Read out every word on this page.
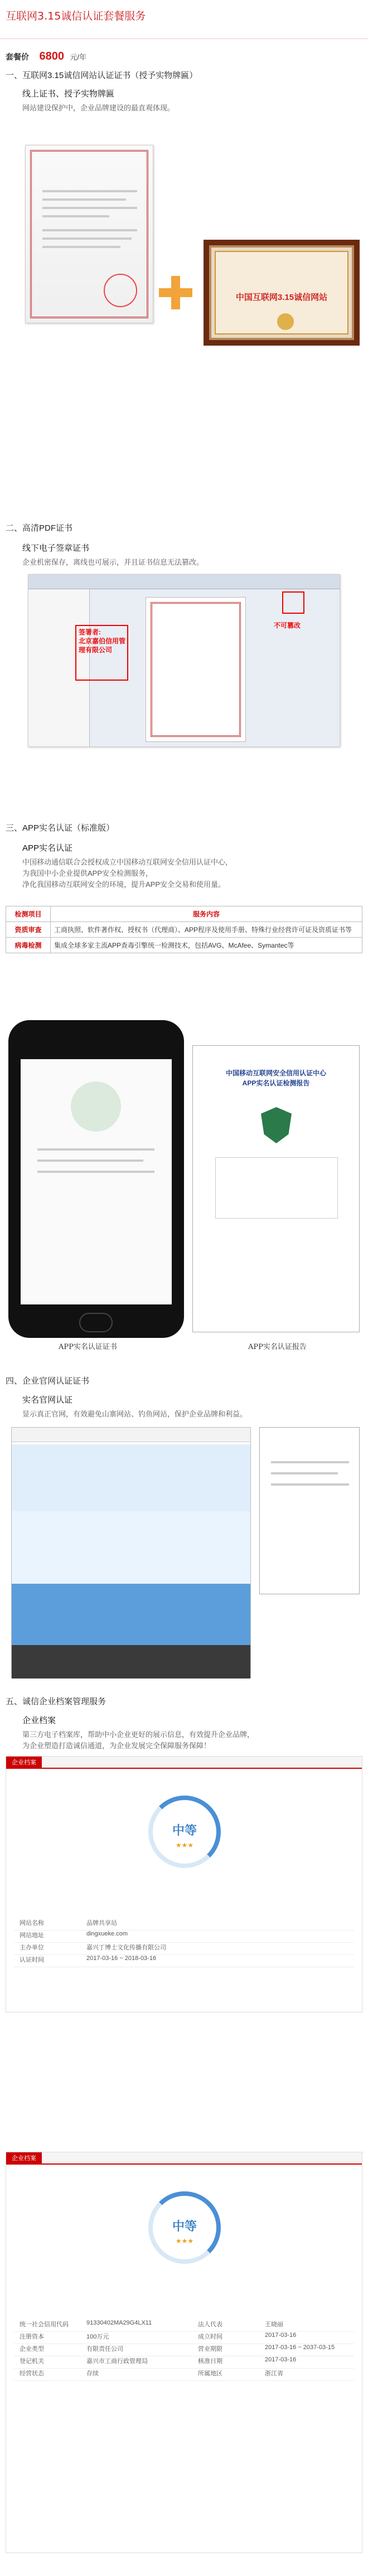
互联网3.15诚信认证套餐服务
套餐价 6800 元/年
一、互联网3.15诚信网站认证证书（授予实物牌匾）
线上证书、授予实物牌匾

网站建设保护中，企业品牌建设的最直观体现。

中国互联网3.15诚信网站
二、高清PDF证书
线下电子签章证书

企业机密保存，离线也可展示，并且证书信息无法篡改。

签署者:
北京嘉伯信用管理有限公司
不可篡改
三、APP实名认证（标准版）
APP实名认证

中国移动通信联合会授权成立中国移动互联网安全信用认证中心，

为我国中小企业提供APP安全检测服务，

净化我国移动互联网安全的环境，提升APP安全交易和使用量。

检测项目	服务内容
资质审查	工商执照、软件著作权、授权书（代理商）、APP程序及使用手册、特殊行业经营许可证及资质证书等
病毒检测	集成全球多家主流APP查毒引擎统一检测技术，包括AVG、McAfee、Symantec等
APP实名认证证书
中国移动互联网安全信用认证中心
APP实名认证检测报告
APP实名认证报告
四、企业官网认证证书
实名官网认证

显示真正官网，有效避免山寨网站、钓鱼网站，保护企业品牌和利益。

五、诚信企业档案管理服务
企业档案

第三方电子档案库，帮助中小企业更好的展示信息，有效提升企业品牌，

为企业塑造打造诚信通道，为企业发展完全保障服务保障！

企业档案
中等
★★★
网站名称	品牌共享站
网站地址	dingxueke.com
主办单位	嘉兴丁博士文化传播有限公司
认证时间	2017-03-16 ~ 2018-03-16
企业档案
中等
★★★
统一社会信用代码	91330402MA29G4LX11	法人代表	王晓丽
注册资本	100万元	成立时间	2017-03-16
企业类型	有限责任公司	营业期限	2017-03-16 ~ 2037-03-15
登记机关	嘉兴市工商行政管理局	核准日期	2017-03-16
经营状态	存续	所属地区	浙江省
